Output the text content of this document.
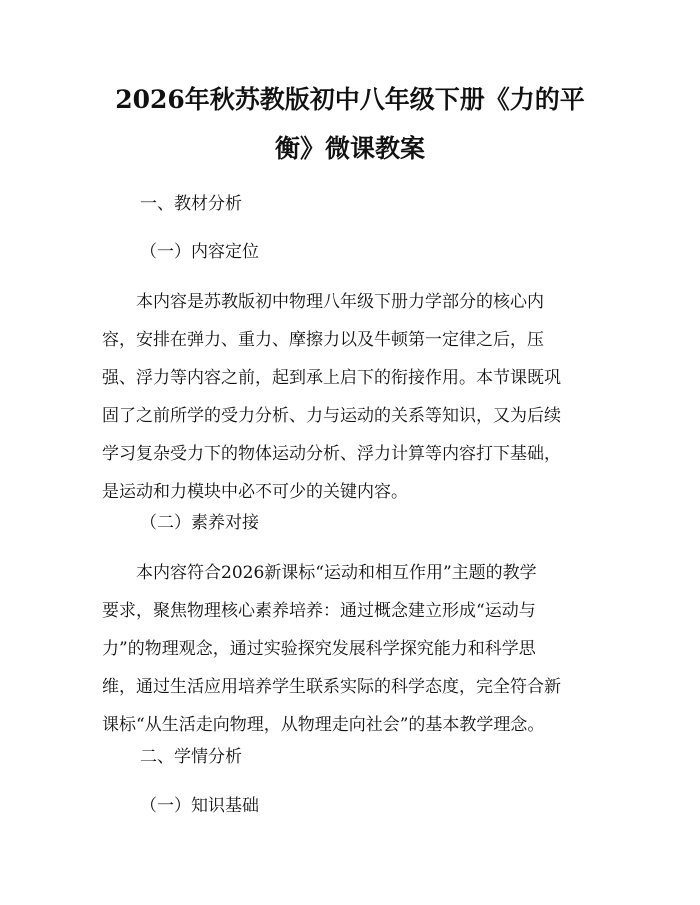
2026年秋苏教版初中八年级下册《力的平
衡》微课教案
一、教材分析
（一）内容定位
本内容是苏教版初中物理八年级下册力学部分的核心内
容，安排在弹力、重力、摩擦力以及牛顿第一定律之后，压
强、浮力等内容之前，起到承上启下的衔接作用。本节课既巩
固了之前所学的受力分析、力与运动的关系等知识，又为后续
学习复杂受力下的物体运动分析、浮力计算等内容打下基础，
是运动和力模块中必不可少的关键内容。
（二）素养对接
本内容符合2026新课标“运动和相互作用”主题的教学
要求，聚焦物理核心素养培养：通过概念建立形成“运动与
力”的物理观念，通过实验探究发展科学探究能力和科学思
维，通过生活应用培养学生联系实际的科学态度，完全符合新
课标“从生活走向物理，从物理走向社会”的基本教学理念。
二、学情分析
（一）知识基础
